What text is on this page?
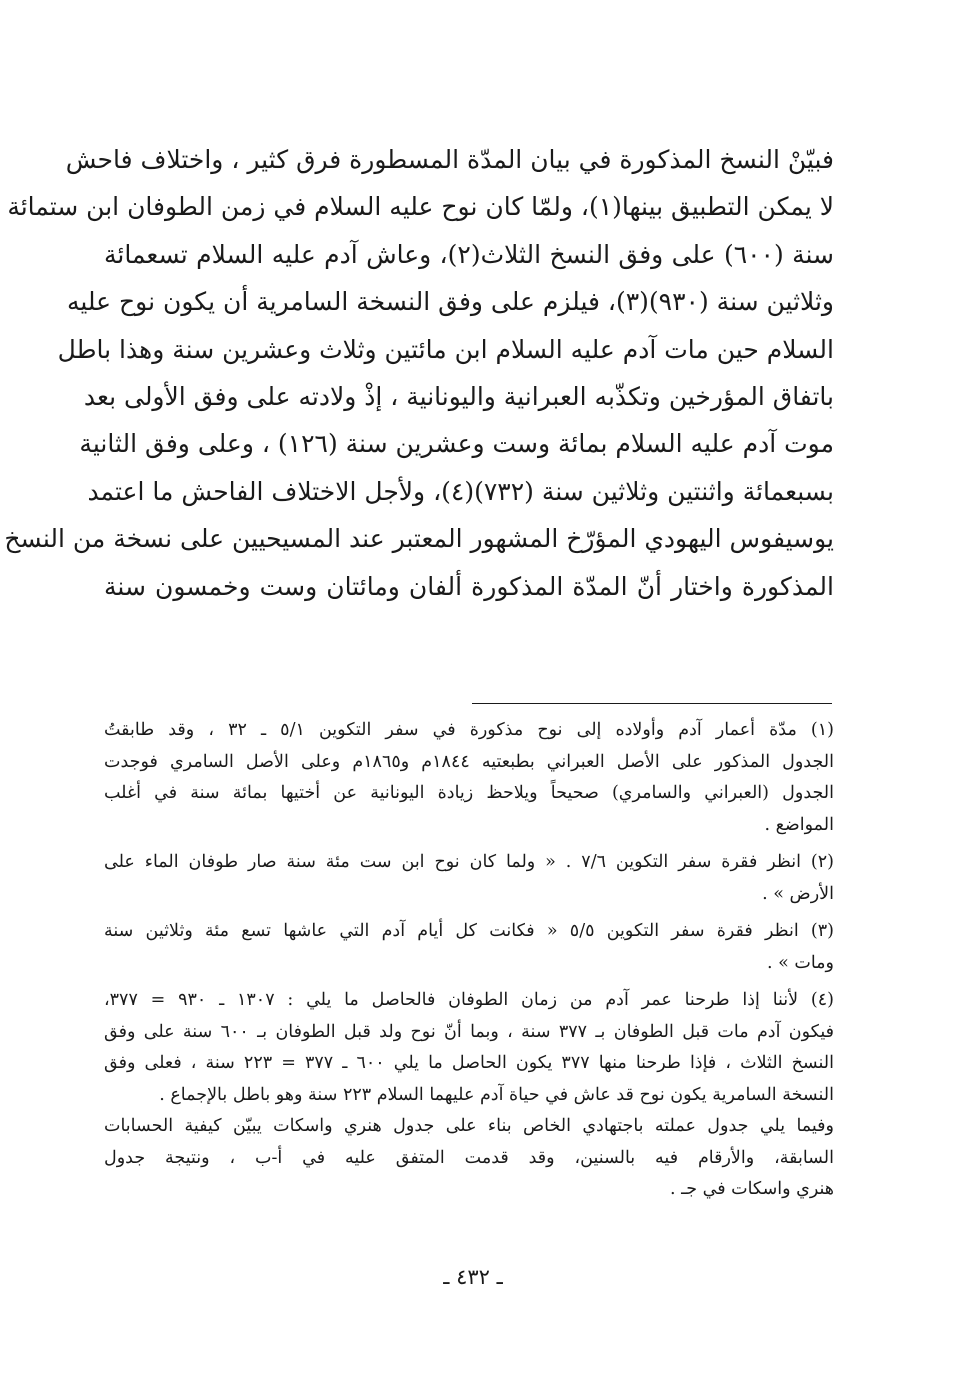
فبيّنْ النسخ المذكورة في بيان المدّة المسطورة فرق كثير ، واختلاف فاحش
لا يمكن التطبيق بينها(١)، ولمّا كان نوح عليه السلام في زمن الطوفان ابن ستمائة
سنة (٦٠٠) على وفق النسخ الثلاث(٢)، وعاش آدم عليه السلام تسعمائة
وثلاثين سنة (٩٣٠)(٣)، فيلزم على وفق النسخة السامرية أن يكون نوح عليه
السلام حين مات آدم عليه السلام ابن مائتين وثلاث وعشرين سنة وهذا باطل
باتفاق المؤرخين وتكذّبه العبرانية واليونانية ، إذْ ولادته على وفق الأولى بعد
موت آدم عليه السلام بمائة وست وعشرين سنة (١٢٦) ، وعلى وفق الثانية
بسبعمائة واثنتين وثلاثين سنة (٧٣٢)(٤)، ولأجل الاختلاف الفاحش ما اعتمد
يوسيفوس اليهودي المؤرّخ المشهور المعتبر عند المسيحيين على نسخة من النسخ
المذكورة واختار أنّ المدّة المذكورة ألفان ومائتان وست وخمسون سنة
(١) مدّة أعمار آدم وأولاده إلى نوح مذكورة في سفر التكوين ٥/١ ـ ٣٢ ، وقد طابقتُ
الجدول المذكور على الأصل العبراني بطبعتيه ١٨٤٤م و١٨٦٥م وعلى الأصل السامري فوجدت
الجدول (العبراني والسامري) صحيحاً ويلاحظ زيادة اليونانية عن أختيها بمائة سنة في أغلب
المواضع .
(٢) انظر فقرة سفر التكوين ٧/٦ . « ولما كان نوح ابن ست مئة سنة صار طوفان الماء على
الأرض » .
(٣) انظر فقرة سفر التكوين ٥/٥ « فكانت كل أيام آدم التي عاشها تسع مئة وثلاثين سنة
ومات » .
(٤) لأننا إذا طرحنا عمر آدم من زمان الطوفان فالحاصل ما يلي : ١٣٠٧ ـ ٩٣٠ = ٣٧٧،
فيكون آدم مات قبل الطوفان بـ ٣٧٧ سنة ، وبما أنّ نوح ولد قبل الطوفان بـ ٦٠٠ سنة على وفق
النسخ الثلاث ، فإذا طرحنا منها ٣٧٧ يكون الحاصل ما يلي ٦٠٠ ـ ٣٧٧ = ٢٢٣ سنة ، فعلى وفق
النسخة السامرية يكون نوح قد عاش في حياة آدم عليهما السلام ٢٢٣ سنة وهو باطل بالإجماع .
وفيما يلي جدول عملته باجتهادي الخاص بناء على جدول هنري واسكات يبيّن كيفية الحسابات
السابقة، والأرقام فيه بالسنين، وقد قدمت المتفق عليه في أ-ب ، ونتيجة جدول
هنري واسكات في جـ .
ـ ٤٣٢ ـ
